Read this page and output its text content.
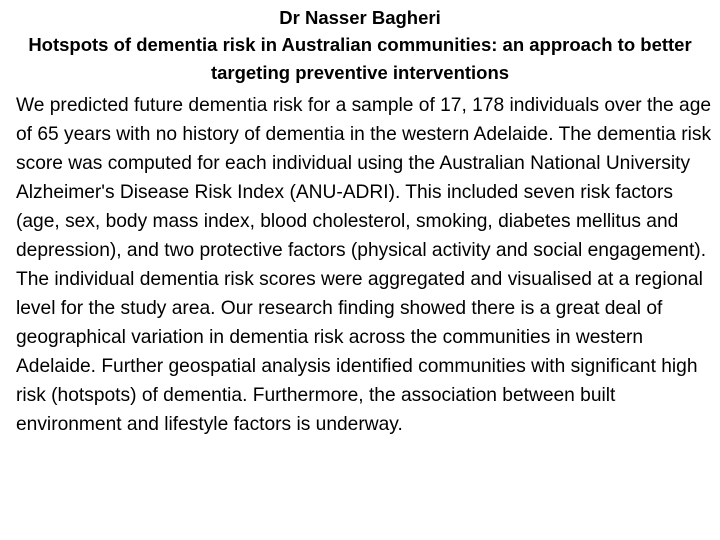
Dr Nasser Bagheri
Hotspots of dementia risk in Australian communities: an approach to better targeting preventive interventions
We predicted future dementia risk for a sample of 17, 178 individuals over the age of 65 years with no history of dementia in the western Adelaide. The dementia risk score was computed for each individual using the Australian National University Alzheimer's Disease Risk Index (ANU-ADRI). This included seven risk factors (age, sex, body mass index, blood cholesterol, smoking, diabetes mellitus and depression), and two protective factors (physical activity and social engagement). The individual dementia risk scores were aggregated and visualised at a regional level for the study area. Our research finding showed there is a great deal of geographical variation in dementia risk across the communities in western Adelaide. Further geospatial analysis identified communities with significant high risk (hotspots) of dementia. Furthermore, the association between built environment and lifestyle factors is underway.
